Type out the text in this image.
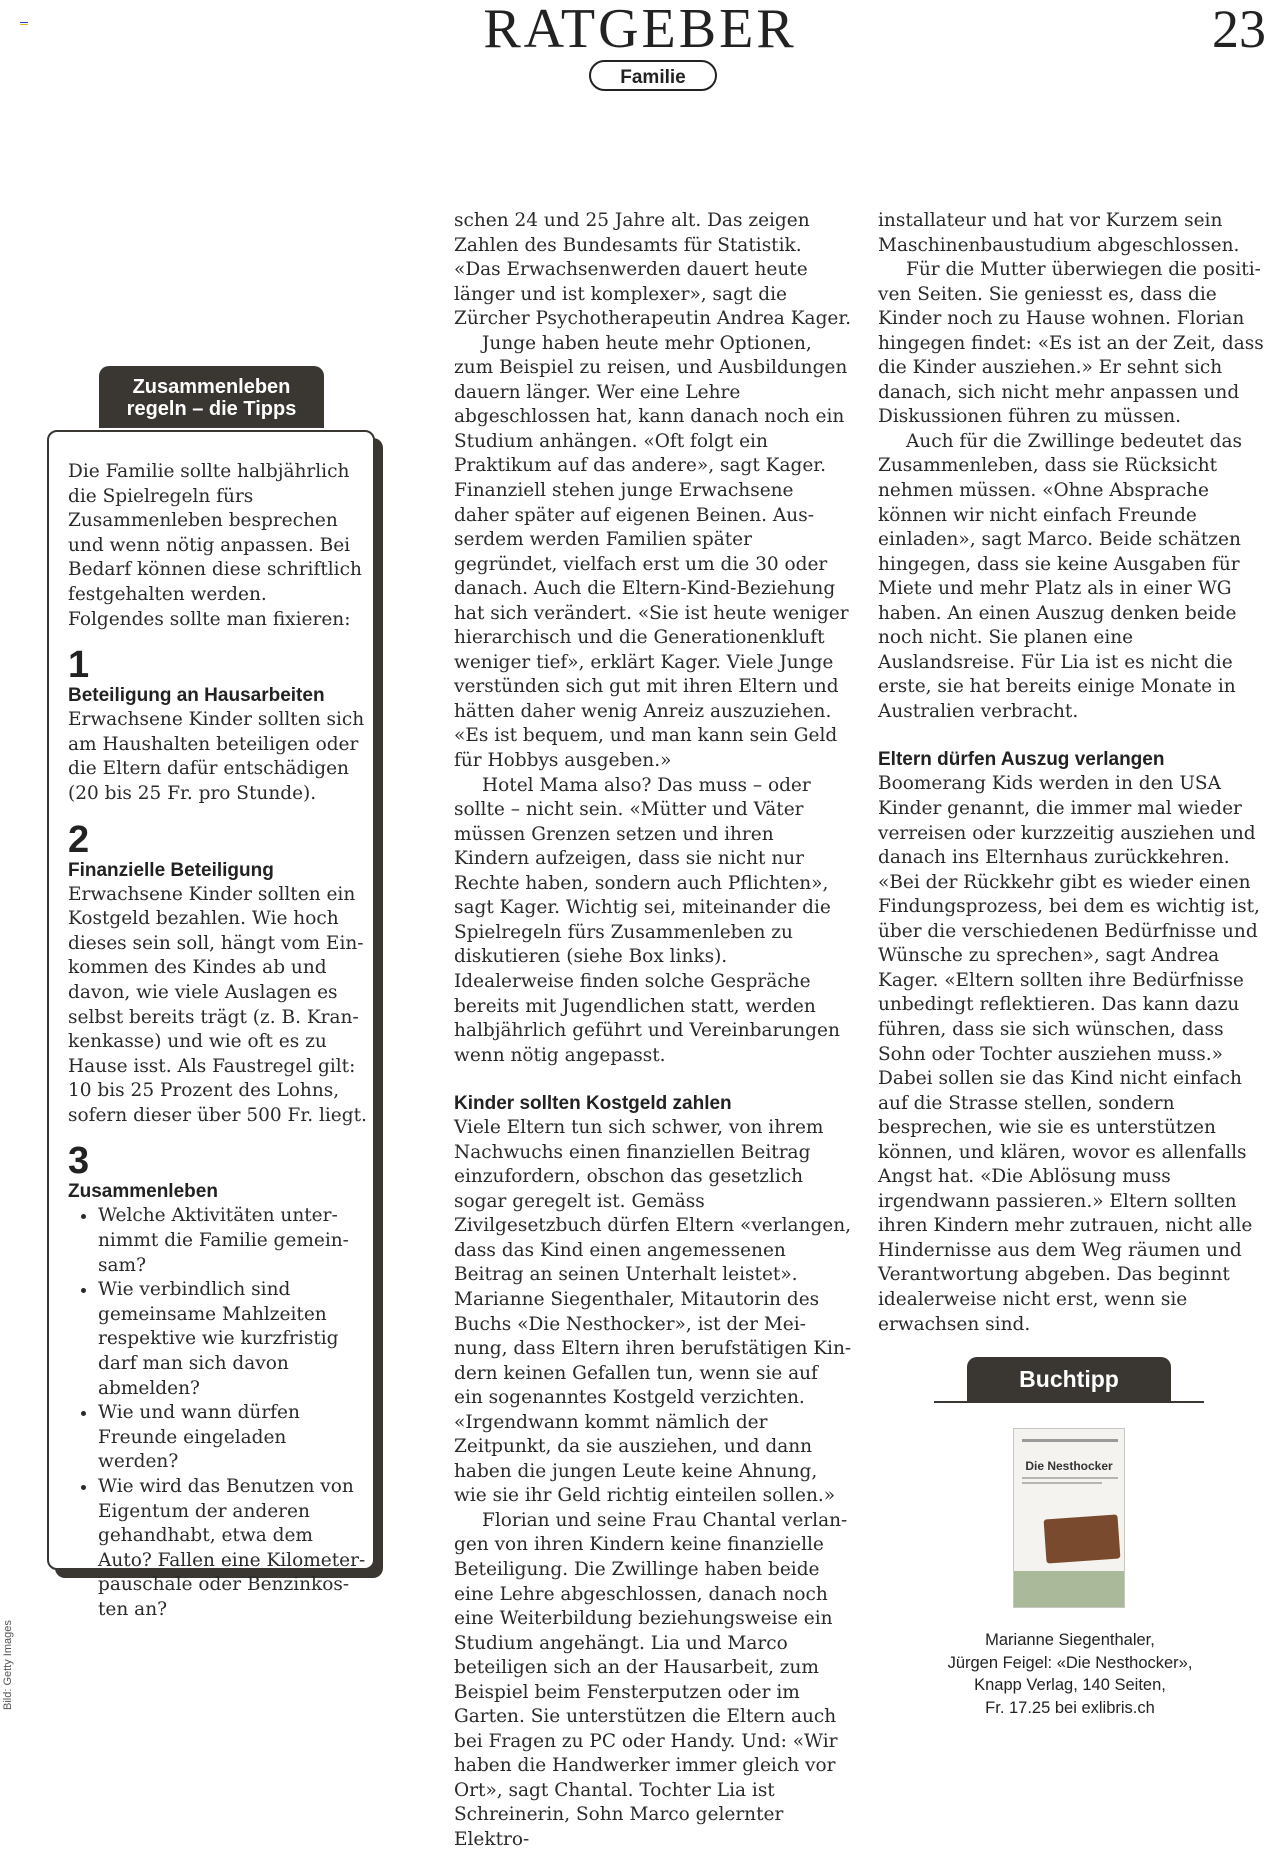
RATGEBER	23
Familie
Zusammenleben
regeln – die Tipps

Die Familie sollte halbjährlich die Spielregeln fürs Zusammenleben besprechen und wenn nötig anpassen. Bei Bedarf können diese schriftlich festgehalten werden. Folgendes sollte man fixieren:

1
Beteiligung an Hausarbeiten

Erwachsene Kinder sollten sich am Haushalten beteiligen oder die Eltern dafür entschädigen (20 bis 25 Fr. pro Stunde).

2
Finanzielle Beteiligung

Erwachsene Kinder sollten ein Kostgeld bezahlen. Wie hoch dieses sein soll, hängt vom Einkommen des Kindes ab und davon, wie viele Auslagen es selbst bereits trägt (z. B. Krankenkasse) und wie oft es zu Hause isst. Als Faustregel gilt: 10 bis 25 Prozent des Lohns, sofern dieser über 500 Fr. liegt.

3
Zusammenleben
• Welche Aktivitäten unternimmt die Familie gemeinsam?
• Wie verbindlich sind gemeinsame Mahlzeiten respektive wie kurzfristig darf man sich davon abmelden?
• Wie und wann dürfen Freunde eingeladen werden?
• Wie wird das Benutzen von Eigentum der anderen gehandhabt, etwa dem Auto? Fallen eine Kilometerpauschale oder Benzinkosten an?

schen 24 und 25 Jahre alt. Das zeigen Zahlen des Bundesamts für Statistik. «Das Erwachsenwerden dauert heute länger und ist komplexer», sagt die Zürcher Psychotherapeutin Andrea Kager.

Junge haben heute mehr Optionen, zum Beispiel zu reisen, und Ausbildungen dauern länger. Wer eine Lehre abgeschlossen hat, kann danach noch ein Studium anhängen. «Oft folgt ein Praktikum auf das andere», sagt Kager. Finanziell stehen junge Erwachsene daher später auf eigenen Beinen. Ausserdem werden Familien später gegründet, vielfach erst um die 30 oder danach. Auch die Eltern-Kind-Beziehung hat sich verändert. «Sie ist heute weniger hierarchisch und die Generationenkluft weniger tief», erklärt Kager. Viele Junge verstünden sich gut mit ihren Eltern und hätten daher wenig Anreiz auszuziehen. «Es ist bequem, und man kann sein Geld für Hobbys ausgeben.»

Hotel Mama also? Das muss – oder sollte – nicht sein. «Mütter und Väter müssen Grenzen setzen und ihren Kindern aufzeigen, dass sie nicht nur Rechte haben, sondern auch Pflichten», sagt Kager. Wichtig sei, miteinander die Spielregeln fürs Zusammenleben zu diskutieren (siehe Box links). Idealerweise finden solche Gespräche bereits mit Jugendlichen statt, werden halbjährlich geführt und Vereinbarungen wenn nötig angepasst.

Kinder sollten Kostgeld zahlen

Viele Eltern tun sich schwer, von ihrem Nachwuchs einen finanziellen Beitrag einzufordern, obschon das gesetzlich sogar geregelt ist. Gemäss Zivilgesetzbuch dürfen Eltern «verlangen, dass das Kind einen angemessenen Beitrag an seinen Unterhalt leistet». Marianne Siegenthaler, Mitautorin des Buchs «Die Nesthocker», ist der Meinung, dass Eltern ihren berufstätigen Kindern keinen Gefallen tun, wenn sie auf ein sogenanntes Kostgeld verzichten. «Irgendwann kommt nämlich der Zeitpunkt, da sie ausziehen, und dann haben die jungen Leute keine Ahnung, wie sie ihr Geld richtig einteilen sollen.»

Florian und seine Frau Chantal verlangen von ihren Kindern keine finanzielle Beteiligung. Die Zwillinge haben beide eine Lehre abgeschlossen, danach noch eine Weiterbildung beziehungsweise ein Studium angehängt. Lia und Marco beteiligen sich an der Hausarbeit, zum Beispiel beim Fensterputzen oder im Garten. Sie unterstützen die Eltern auch bei Fragen zu PC oder Handy. Und: «Wir haben die Handwerker immer gleich vor Ort», sagt Chantal. Tochter Lia ist Schreinerin, Sohn Marco gelernter Elektro-

installateur und hat vor Kurzem sein Maschinenbaustudium abgeschlossen.

Für die Mutter überwiegen die positiven Seiten. Sie geniesst es, dass die Kinder noch zu Hause wohnen. Florian hingegen findet: «Es ist an der Zeit, dass die Kinder ausziehen.» Er sehnt sich danach, sich nicht mehr anpassen und Diskussionen führen zu müssen.

Auch für die Zwillinge bedeutet das Zusammenleben, dass sie Rücksicht nehmen müssen. «Ohne Absprache können wir nicht einfach Freunde einladen», sagt Marco. Beide schätzen hingegen, dass sie keine Ausgaben für Miete und mehr Platz als in einer WG haben. An einen Auszug denken beide noch nicht. Sie planen eine Auslandsreise. Für Lia ist es nicht die erste, sie hat bereits einige Monate in Australien verbracht.

Eltern dürfen Auszug verlangen

Boomerang Kids werden in den USA Kinder genannt, die immer mal wieder verreisen oder kurzzeitig ausziehen und danach ins Elternhaus zurückkehren. «Bei der Rückkehr gibt es wieder einen Findungsprozess, bei dem es wichtig ist, über die verschiedenen Bedürfnisse und Wünsche zu sprechen», sagt Andrea Kager. «Eltern sollten ihre Bedürfnisse unbedingt reflektieren. Das kann dazu führen, dass sie sich wünschen, dass Sohn oder Tochter ausziehen muss.» Dabei sollen sie das Kind nicht einfach auf die Strasse stellen, sondern besprechen, wie sie es unterstützen können, und klären, wovor es allenfalls Angst hat. «Die Ablösung muss irgendwann passieren.» Eltern sollten ihren Kindern mehr zutrauen, nicht alle Hindernisse aus dem Weg räumen und Verantwortung abgeben. Das beginnt idealerweise nicht erst, wenn sie erwachsen sind.

Buchtipp
Die Nesthocker
Marianne Siegenthaler,
Jürgen Feigel: «Die Nesthocker»,
Knapp Verlag, 140 Seiten,
Fr. 17.25 bei exlibris.ch
Bild: Getty Images
